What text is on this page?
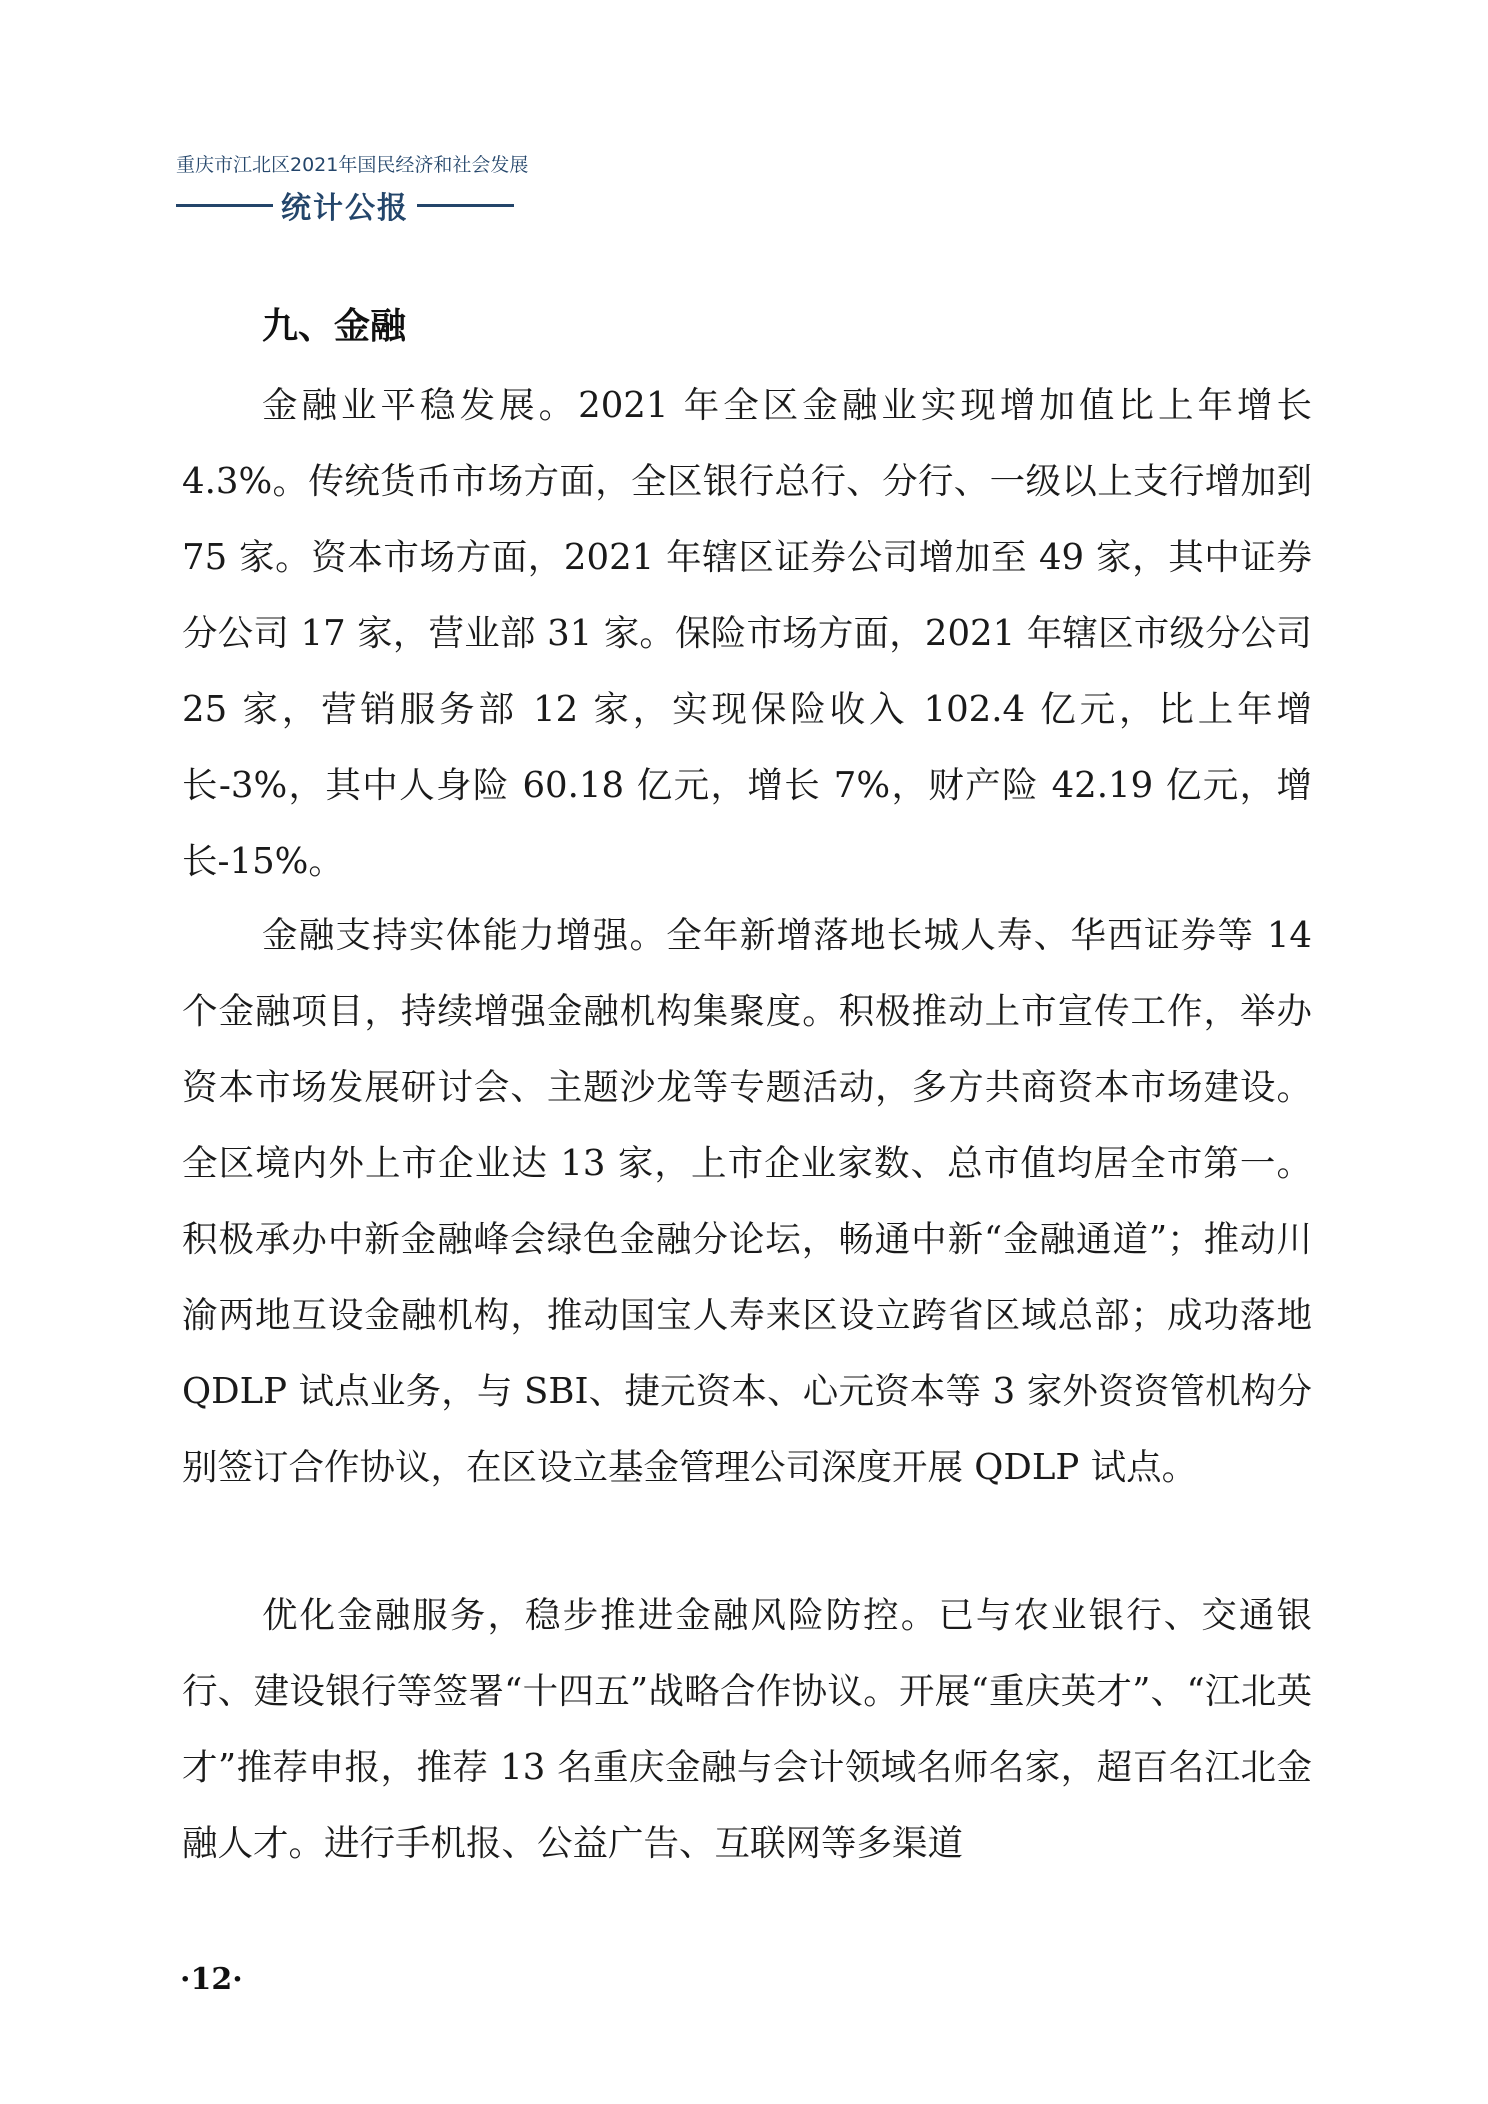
重庆市江北区2021年国民经济和社会发展
统计公报
九、金融

金融业平稳发展。2021 年全区金融业实现增加值比上年增长 4.3%。传统货币市场方面，全区银行总行、分行、一级以上支行增加到 75 家。资本市场方面，2021 年辖区证券公司增加至 49 家，其中证券分公司 17 家，营业部 31 家。保险市场方面，2021 年辖区市级分公司 25 家，营销服务部 12 家，实现保险收入 102.4 亿元，比上年增长-3%，其中人身险 60.18 亿元，增长 7%，财产险 42.19 亿元，增长-15%。

金融支持实体能力增强。全年新增落地长城人寿、华西证券等 14 个金融项目，持续增强金融机构集聚度。积极推动上市宣传工作，举办资本市场发展研讨会、主题沙龙等专题活动，多方共商资本市场建设。全区境内外上市企业达 13 家，上市企业家数、总市值均居全市第一。积极承办中新金融峰会绿色金融分论坛，畅通中新“金融通道”；推动川渝两地互设金融机构，推动国宝人寿来区设立跨省区域总部；成功落地 QDLP 试点业务，与 SBI、捷元资本、心元资本等 3 家外资资管机构分别签订合作协议，在区设立基金管理公司深度开展 QDLP 试点。

优化金融服务，稳步推进金融风险防控。已与农业银行、交通银行、建设银行等签署“十四五”战略合作协议。开展“重庆英才”、“江北英才”推荐申报，推荐 13 名重庆金融与会计领域名师名家，超百名江北金融人才。进行手机报、公益广告、互联网等多渠道

·12·
